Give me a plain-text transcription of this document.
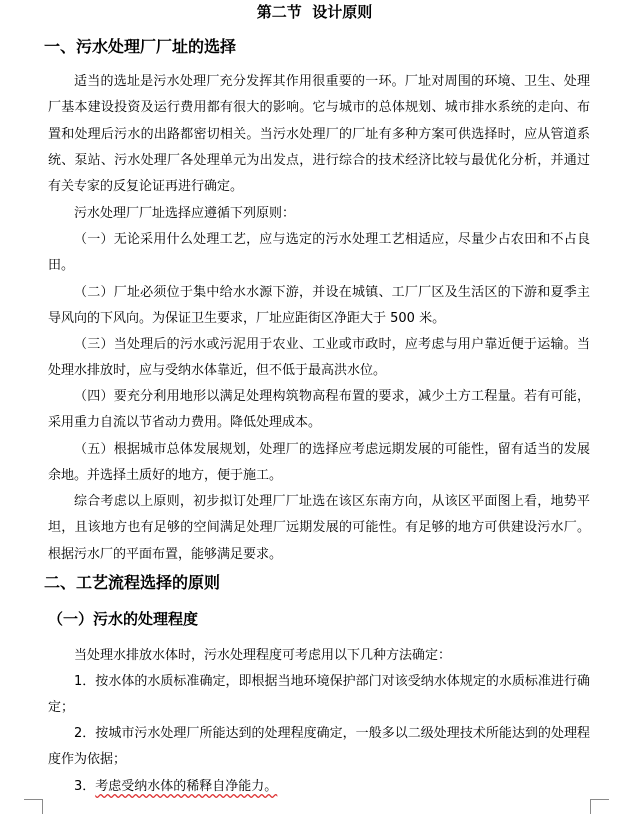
第二节  设计原则
一、污水处理厂厂址的选择
适当的选址是污水处理厂充分发挥其作用很重要的一环。厂址对周围的环境、卫生、处理厂基本建设投资及运行费用都有很大的影响。它与城市的总体规划、城市排水系统的走向、布置和处理后污水的出路都密切相关。当污水处理厂的厂址有多种方案可供选择时，应从管道系统、泵站、污水处理厂各处理单元为出发点，进行综合的技术经济比较与最优化分析，并通过有关专家的反复论证再进行确定。
污水处理厂厂址选择应遵循下列原则：
（一）无论采用什么处理工艺，应与选定的污水处理工艺相适应，尽量少占农田和不占良田。
（二）厂址必须位于集中给水水源下游，并设在城镇、工厂厂区及生活区的下游和夏季主导风向的下风向。为保证卫生要求，厂址应距街区净距大于 500 米。
（三）当处理后的污水或污泥用于农业、工业或市政时，应考虑与用户靠近便于运输。当处理水排放时，应与受纳水体靠近，但不低于最高洪水位。
（四）要充分利用地形以满足处理构筑物高程布置的要求，减少土方工程量。若有可能，采用重力自流以节省动力费用。降低处理成本。
（五）根据城市总体发展规划，处理厂的选择应考虑远期发展的可能性，留有适当的发展余地。并选择土质好的地方，便于施工。
综合考虑以上原则，初步拟订处理厂厂址选在该区东南方向，从该区平面图上看，地势平坦，且该地方也有足够的空间满足处理厂远期发展的可能性。有足够的地方可供建设污水厂。根据污水厂的平面布置，能够满足要求。
二、工艺流程选择的原则
（一）污水的处理程度
当处理水排放水体时，污水处理程度可考虑用以下几种方法确定：
1．按水体的水质标准确定，即根据当地环境保护部门对该受纳水体规定的水质标准进行确定；
2．按城市污水处理厂所能达到的处理程度确定，一般多以二级处理技术所能达到的处理程度作为依据；
3．考虑受纳水体的稀释自净能力。
